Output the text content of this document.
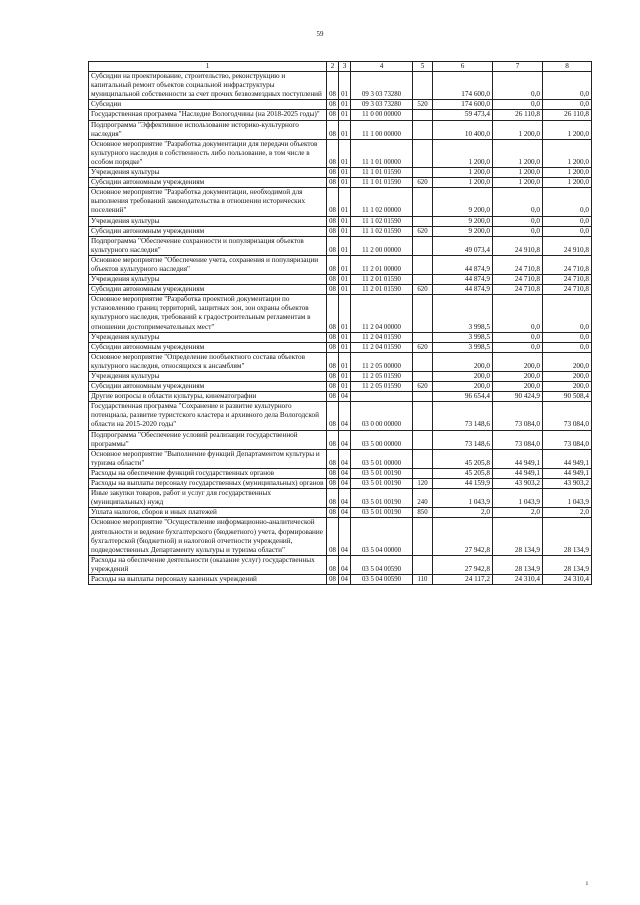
59
1	2	3	4	5	6	7	8
Субсидии на проектирование, строительство, реконструкцию и капитальный ремонт объектов социальной инфраструктуры муниципальной собственности за счет прочих безвозмездных поступлений	08	01	09 3 03 73280		174 600,0	0,0	0,0
Субсидии	08	01	09 3 03 73280	520	174 600,0	0,0	0,0
Государственная программа "Наследие Вологодчины (на 2018-2025 годы)"	08	01	11 0 00 00000		59 473,4	26 110,8	26 110,8
Подпрограмма "Эффективное использование историко-культурного наследия"	08	01	11 1 00 00000		10 400,0	1 200,0	1 200,0
Основное мероприятие "Разработка документации для передачи объектов культурного наследия в собственность либо пользование, в том числе в особом порядке"	08	01	11 1 01 00000		1 200,0	1 200,0	1 200,0
Учреждения культуры	08	01	11 1 01 01590		1 200,0	1 200,0	1 200,0
Субсидии автономным учреждениям	08	01	11 1 01 01590	620	1 200,0	1 200,0	1 200,0
Основное мероприятие "Разработка документации, необходимой для выполнения требований законодательства в отношении исторических поселений"	08	01	11 1 02 00000		9 200,0	0,0	0,0
Учреждения культуры	08	01	11 1 02 01590		9 200,0	0,0	0,0
Субсидии автономным учреждениям	08	01	11 1 02 01590	620	9 200,0	0,0	0,0
Подпрограмма "Обеспечение сохранности и популяризация объектов культурного наследия"	08	01	11 2 00 00000		49 073,4	24 910,8	24 910,8
Основное мероприятие "Обеспечение учета, сохранения и популяризации объектов культурного наследия"	08	01	11 2 01 00000		44 874,9	24 710,8	24 710,8
Учреждения культуры	08	01	11 2 01 01590		44 874,9	24 710,8	24 710,8
Субсидии автономным учреждениям	08	01	11 2 01 01590	620	44 874,9	24 710,8	24 710,8
Основное мероприятие "Разработка проектной документации по установлению границ территорий, защитных зон, зон охраны объектов культурного наследия, требований к градостроительным регламентам в отношении достопримечательных мест"	08	01	11 2 04 00000		3 998,5	0,0	0,0
Учреждения культуры	08	01	11 2 04 01590		3 998,5	0,0	0,0
Субсидии автономным учреждениям	08	01	11 2 04 01590	620	3 998,5	0,0	0,0
Основное мероприятие "Определение пообъектного состава объектов культурного наследия, относящихся к ансамблям"	08	01	11 2 05 00000		200,0	200,0	200,0
Учреждения культуры	08	01	11 2 05 01590		200,0	200,0	200,0
Субсидии автономным учреждениям	08	01	11 2 05 01590	620	200,0	200,0	200,0
Другие вопросы в области культуры, кинематографии	08	04			96 654,4	90 424,9	90 508,4
Государственная программа "Сохранение и развитие культурного потенциала, развитие туристского кластера и архивного дела Вологодской области на 2015-2020 годы"	08	04	03 0 00 00000		73 148,6	73 084,0	73 084,0
Подпрограмма "Обеспечение условий реализации государственной программы"	08	04	03 5 00 00000		73 148,6	73 084,0	73 084,0
Основное мероприятие "Выполнение функций Департаментом культуры и туризма области"	08	04	03 5 01 00000		45 205,8	44 949,1	44 949,1
Расходы на обеспечение функций государственных органов	08	04	03 5 01 00190		45 205,8	44 949,1	44 949,1
Расходы на выплаты персоналу государственных (муниципальных) органов	08	04	03 5 01 00190	120	44 159,9	43 903,2	43 903,2
Иные закупки товаров, работ и услуг для государственных (муниципальных) нужд	08	04	03 5 01 00190	240	1 043,9	1 043,9	1 043,9
Уплата налогов, сборов и иных платежей	08	04	03 5 01 00190	850	2,0	2,0	2,0
Основное мероприятие "Осуществление информационно-аналитической деятельности и ведение бухгалтерского (бюджетного) учета, формирование бухгалтерской (бюджетной) и налоговой отчетности учреждений, подведомственных Департаменту культуры и туризма области"	08	04	03 5 04 00000		27 942,8	28 134,9	28 134,9
Расходы на обеспечение деятельности (оказание услуг) государственных учреждений	08	04	03 5 04 00590		27 942,8	28 134,9	28 134,9
Расходы на выплаты персоналу казенных учреждений	08	04	03 5 04 00590	110	24 117,2	24 310,4	24 310,4
ı
